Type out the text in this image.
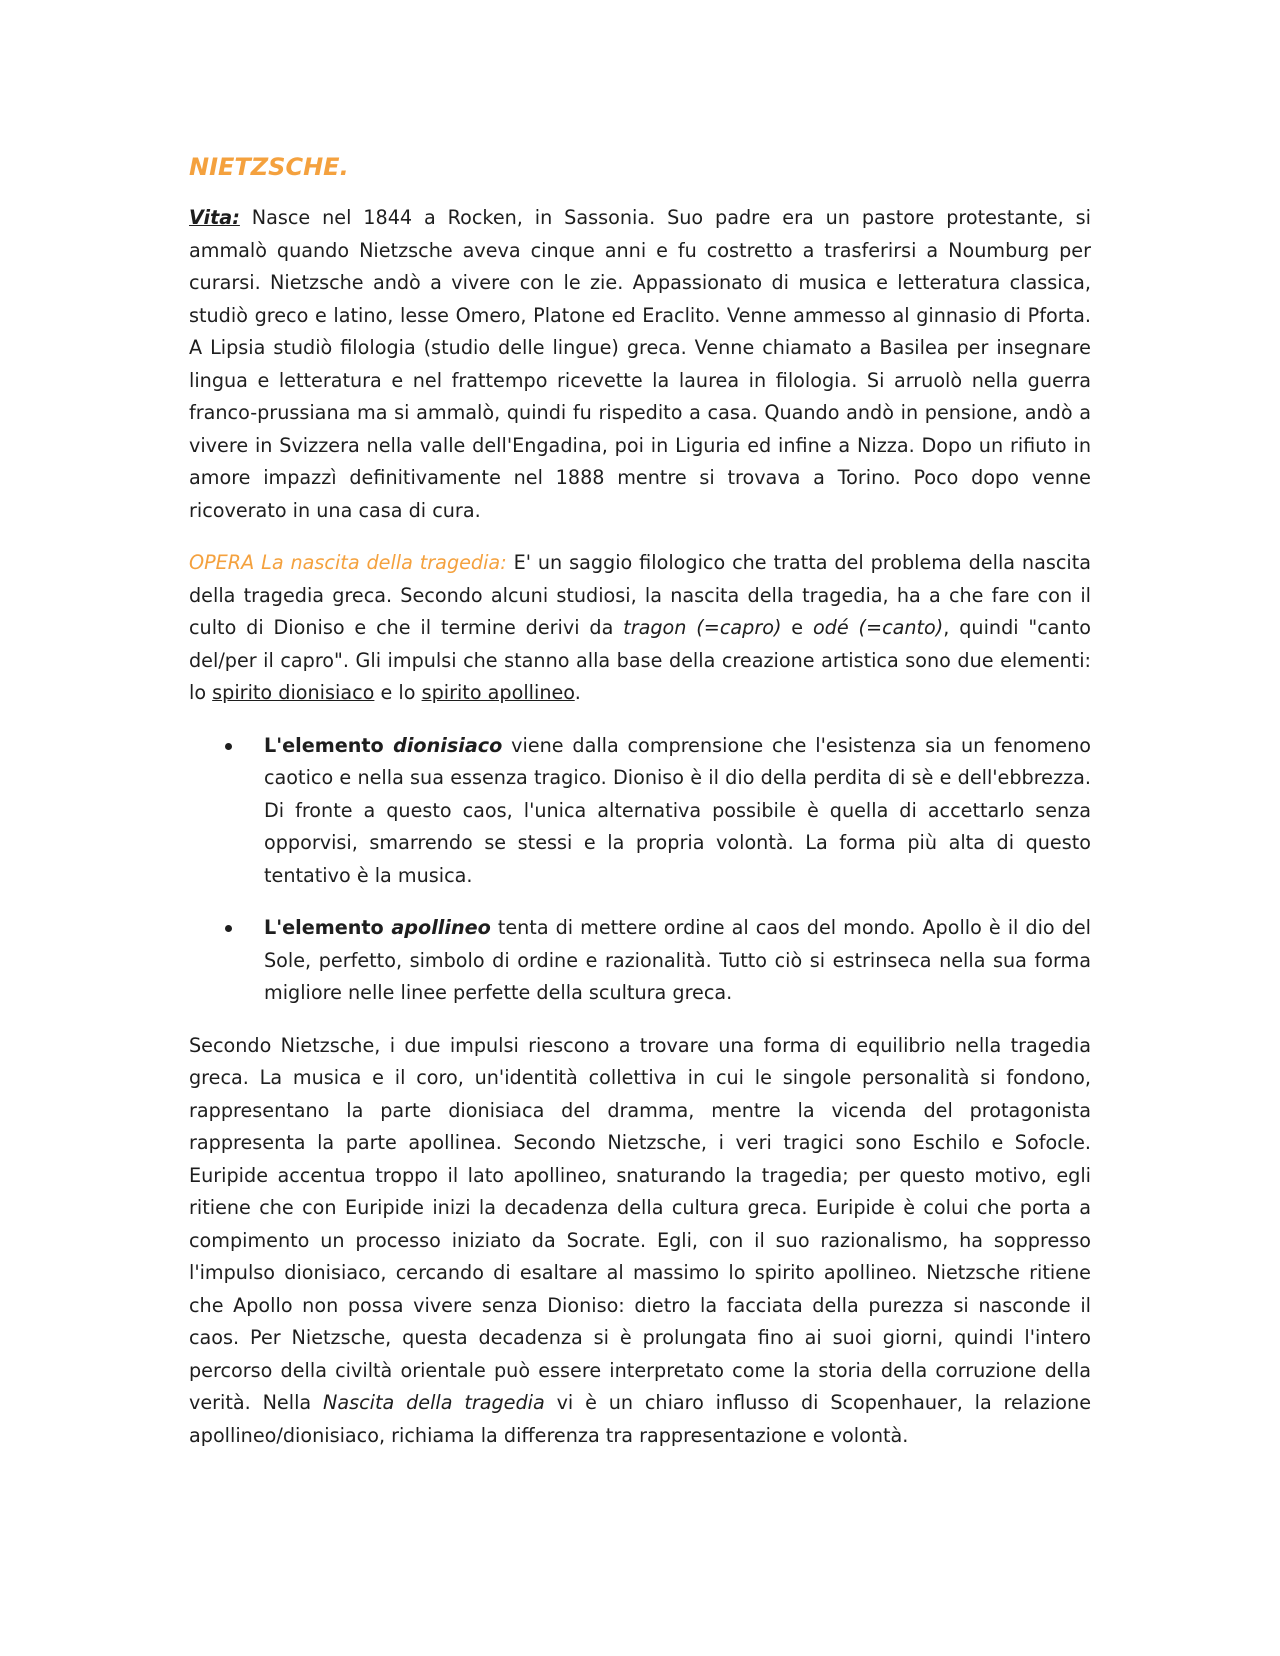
NIETZSCHE.

Vita: Nasce nel 1844 a Rocken, in Sassonia. Suo padre era un pastore protestante, si ammalò quando Nietzsche aveva cinque anni e fu costretto a trasferirsi a Noumburg per curarsi. Nietzsche andò a vivere con le zie. Appassionato di musica e letteratura classica, studiò greco e latino, lesse Omero, Platone ed Eraclito. Venne ammesso al ginnasio di Pforta. A Lipsia studiò filologia (studio delle lingue) greca. Venne chiamato a Basilea per insegnare lingua e letteratura e nel frattempo ricevette la laurea in filologia. Si arruolò nella guerra franco-prussiana ma si ammalò, quindi fu rispedito a casa. Quando andò in pensione, andò a vivere in Svizzera nella valle dell'Engadina, poi in Liguria ed infine a Nizza. Dopo un rifiuto in amore impazzì definitivamente nel 1888 mentre si trovava a Torino. Poco dopo venne ricoverato in una casa di cura.

OPERA La nascita della tragedia: E' un saggio filologico che tratta del problema della nascita della tragedia greca. Secondo alcuni studiosi, la nascita della tragedia, ha a che fare con il culto di Dioniso e che il termine derivi da tragon (=capro) e odé (=canto), quindi "canto del/per il capro". Gli impulsi che stanno alla base della creazione artistica sono due elementi: lo spirito dionisiaco e lo spirito apollineo.

L'elemento dionisiaco viene dalla comprensione che l'esistenza sia un fenomeno caotico e nella sua essenza tragico. Dioniso è il dio della perdita di sè e dell'ebbrezza. Di fronte a questo caos, l'unica alternativa possibile è quella di accettarlo senza opporvisi, smarrendo se stessi e la propria volontà. La forma più alta di questo tentativo è la musica.
L'elemento apollineo tenta di mettere ordine al caos del mondo. Apollo è il dio del Sole, perfetto, simbolo di ordine e razionalità. Tutto ciò si estrinseca nella sua forma migliore nelle linee perfette della scultura greca.

Secondo Nietzsche, i due impulsi riescono a trovare una forma di equilibrio nella tragedia greca. La musica e il coro, un'identità collettiva in cui le singole personalità si fondono, rappresentano la parte dionisiaca del dramma, mentre la vicenda del protagonista rappresenta la parte apollinea. Secondo Nietzsche, i veri tragici sono Eschilo e Sofocle. Euripide accentua troppo il lato apollineo, snaturando la tragedia; per questo motivo, egli ritiene che con Euripide inizi la decadenza della cultura greca. Euripide è colui che porta a compimento un processo iniziato da Socrate. Egli, con il suo razionalismo, ha soppresso l'impulso dionisiaco, cercando di esaltare al massimo lo spirito apollineo. Nietzsche ritiene che Apollo non possa vivere senza Dioniso: dietro la facciata della purezza si nasconde il caos. Per Nietzsche, questa decadenza si è prolungata fino ai suoi giorni, quindi l'intero percorso della civiltà orientale può essere interpretato come la storia della corruzione della verità. Nella Nascita della tragedia vi è un chiaro influsso di Scopenhauer, la relazione apollineo/dionisiaco, richiama la differenza tra rappresentazione e volontà.
